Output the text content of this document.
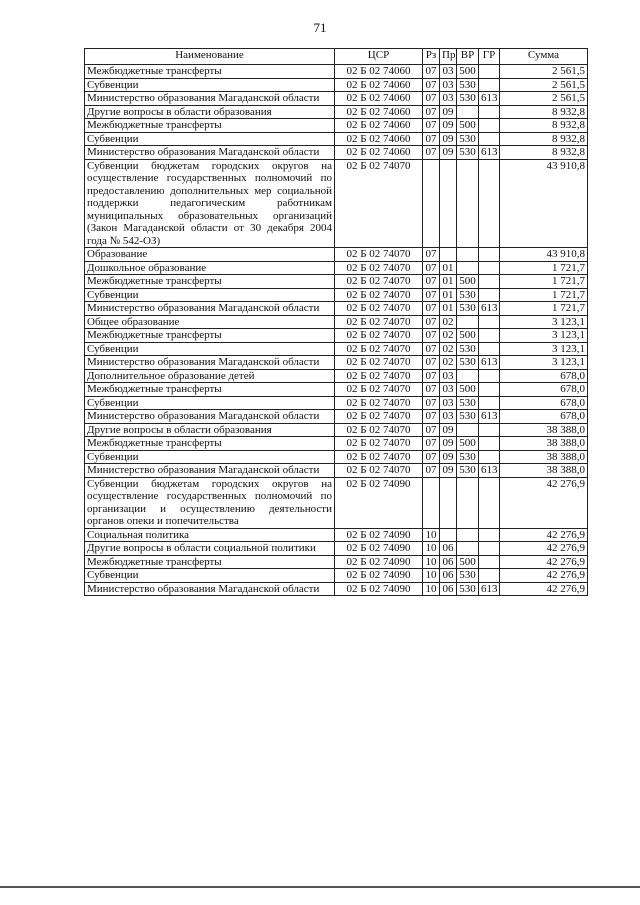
71
Наименование	ЦСР	Рз	Пр	ВР	ГР	Сумма
Межбюджетные трансферты	02 Б 02 74060	07	03	500		2 561,5
Субвенции	02 Б 02 74060	07	03	530		2 561,5
Министерство образования Магаданской области	02 Б 02 74060	07	03	530	613	2 561,5
Другие вопросы в области образования	02 Б 02 74060	07	09			8 932,8
Межбюджетные трансферты	02 Б 02 74060	07	09	500		8 932,8
Субвенции	02 Б 02 74060	07	09	530		8 932,8
Министерство образования Магаданской области	02 Б 02 74060	07	09	530	613	8 932,8
Субвенции бюджетам городских округов на осуществление государственных полномочий по предоставлению дополнительных мер социальной поддержки педагогическим работникам муниципальных образовательных организаций (Закон Магаданской области от 30 декабря 2004 года № 542-ОЗ)	02 Б 02 74070					43 910,8
Образование	02 Б 02 74070	07				43 910,8
Дошкольное образование	02 Б 02 74070	07	01			1 721,7
Межбюджетные трансферты	02 Б 02 74070	07	01	500		1 721,7
Субвенции	02 Б 02 74070	07	01	530		1 721,7
Министерство образования Магаданской области	02 Б 02 74070	07	01	530	613	1 721,7
Общее образование	02 Б 02 74070	07	02			3 123,1
Межбюджетные трансферты	02 Б 02 74070	07	02	500		3 123,1
Субвенции	02 Б 02 74070	07	02	530		3 123,1
Министерство образования Магаданской области	02 Б 02 74070	07	02	530	613	3 123,1
Дополнительное образование детей	02 Б 02 74070	07	03			678,0
Межбюджетные трансферты	02 Б 02 74070	07	03	500		678,0
Субвенции	02 Б 02 74070	07	03	530		678,0
Министерство образования Магаданской области	02 Б 02 74070	07	03	530	613	678,0
Другие вопросы в области образования	02 Б 02 74070	07	09			38 388,0
Межбюджетные трансферты	02 Б 02 74070	07	09	500		38 388,0
Субвенции	02 Б 02 74070	07	09	530		38 388,0
Министерство образования Магаданской области	02 Б 02 74070	07	09	530	613	38 388,0
Субвенции бюджетам городских округов на осуществление государственных полномочий по организации и осуществлению деятельности органов опеки и попечительства	02 Б 02 74090					42 276,9
Социальная политика	02 Б 02 74090	10				42 276,9
Другие вопросы в области социальной политики	02 Б 02 74090	10	06			42 276,9
Межбюджетные трансферты	02 Б 02 74090	10	06	500		42 276,9
Субвенции	02 Б 02 74090	10	06	530		42 276,9
Министерство образования Магаданской области	02 Б 02 74090	10	06	530	613	42 276,9
